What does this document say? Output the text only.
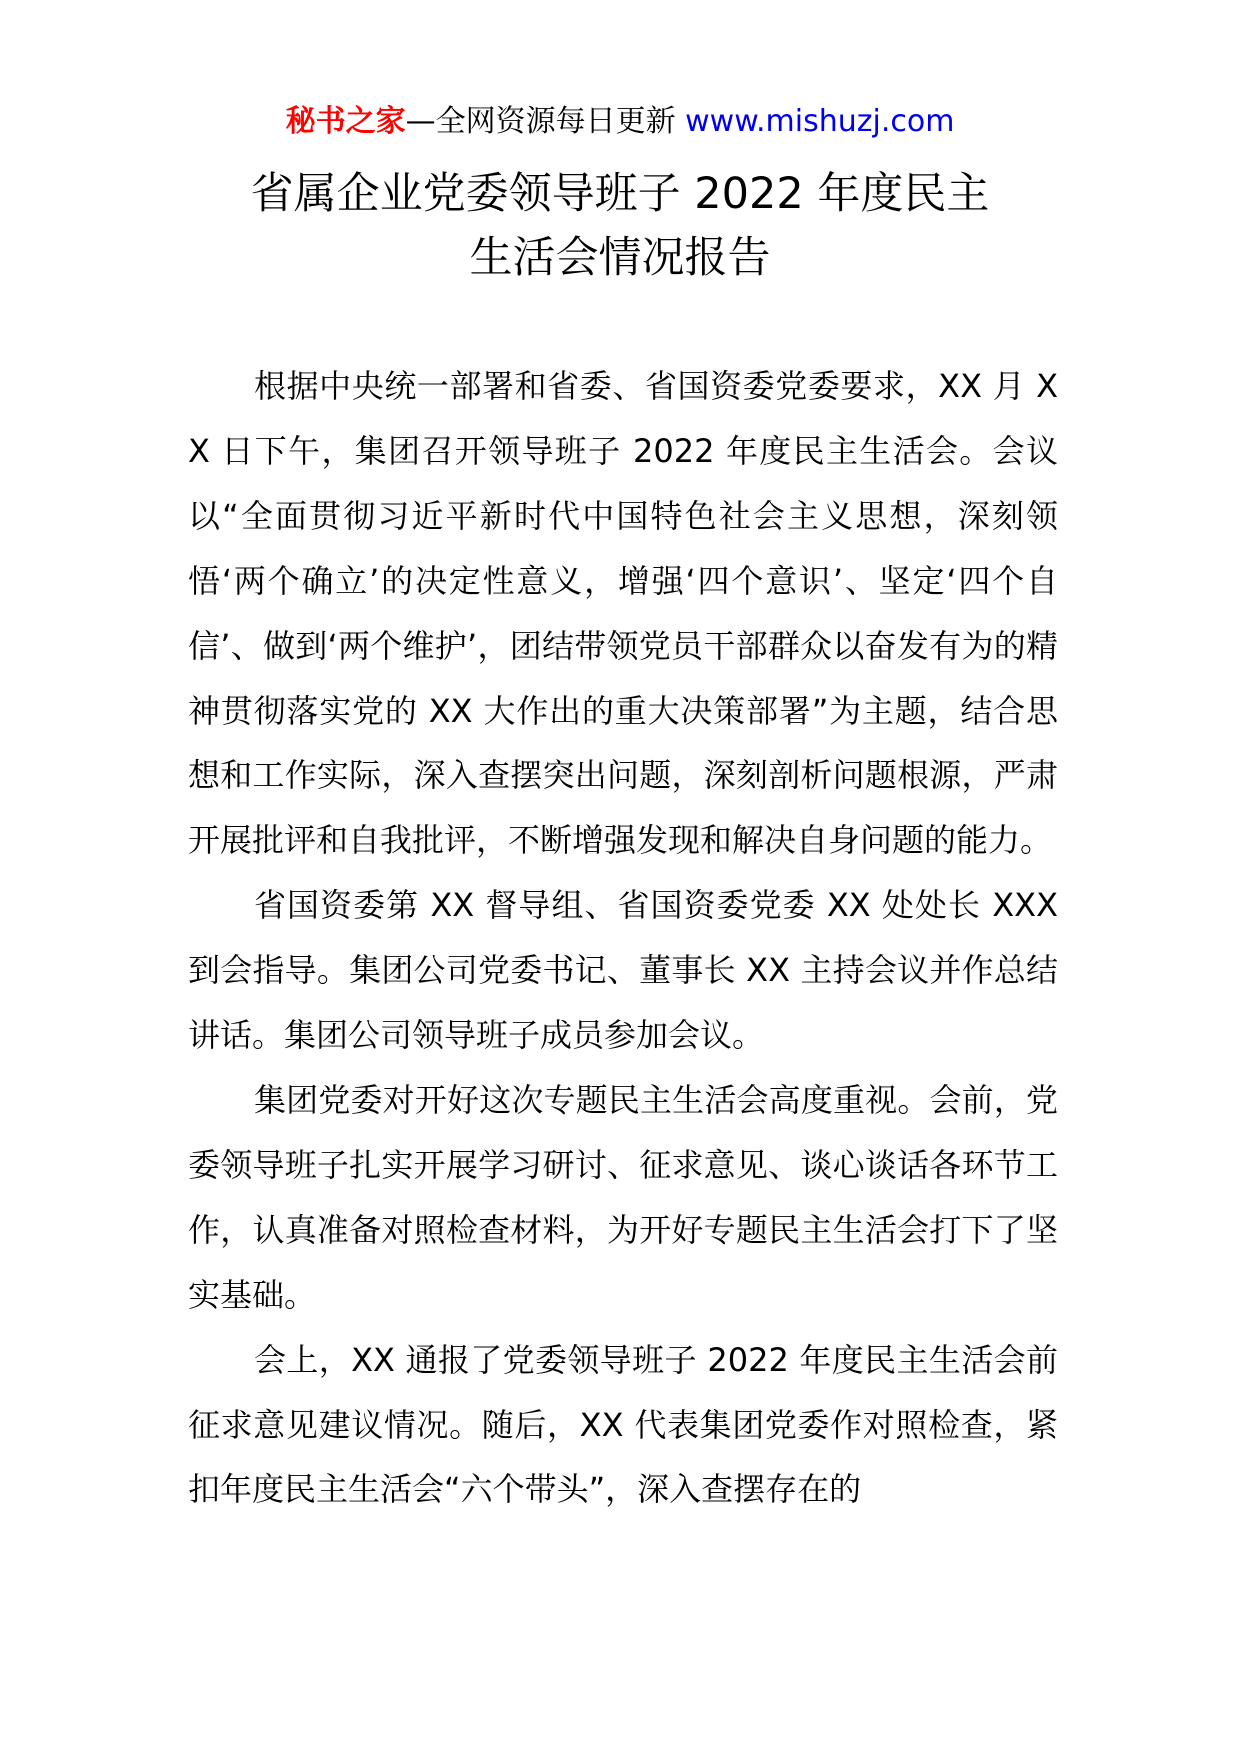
秘书之家—全网资源每日更新 www.mishuzj.com
省属企业党委领导班子 2022 年度民主
生活会情况报告

根据中央统一部署和省委、省国资委党委要求，XX 月 XX 日下午，集团召开领导班子 2022 年度民主生活会。会议以“全面贯彻习近平新时代中国特色社会主义思想，深刻领悟‘两个确立’的决定性意义，增强‘四个意识’、坚定‘四个自信’、做到‘两个维护’，团结带领党员干部群众以奋发有为的精神贯彻落实党的 XX 大作出的重大决策部署”为主题，结合思想和工作实际，深入查摆突出问题，深刻剖析问题根源，严肃开展批评和自我批评，不断增强发现和解决自身问题的能力。

省国资委第 XX 督导组、省国资委党委 XX 处处长 XXX 到会指导。集团公司党委书记、董事长 XX 主持会议并作总结讲话。集团公司领导班子成员参加会议。

集团党委对开好这次专题民主生活会高度重视。会前，党委领导班子扎实开展学习研讨、征求意见、谈心谈话各环节工作，认真准备对照检查材料，为开好专题民主生活会打下了坚实基础。

会上，XX 通报了党委领导班子 2022 年度民主生活会前征求意见建议情况。随后，XX 代表集团党委作对照检查，紧扣年度民主生活会“六个带头”，深入查摆存在的
